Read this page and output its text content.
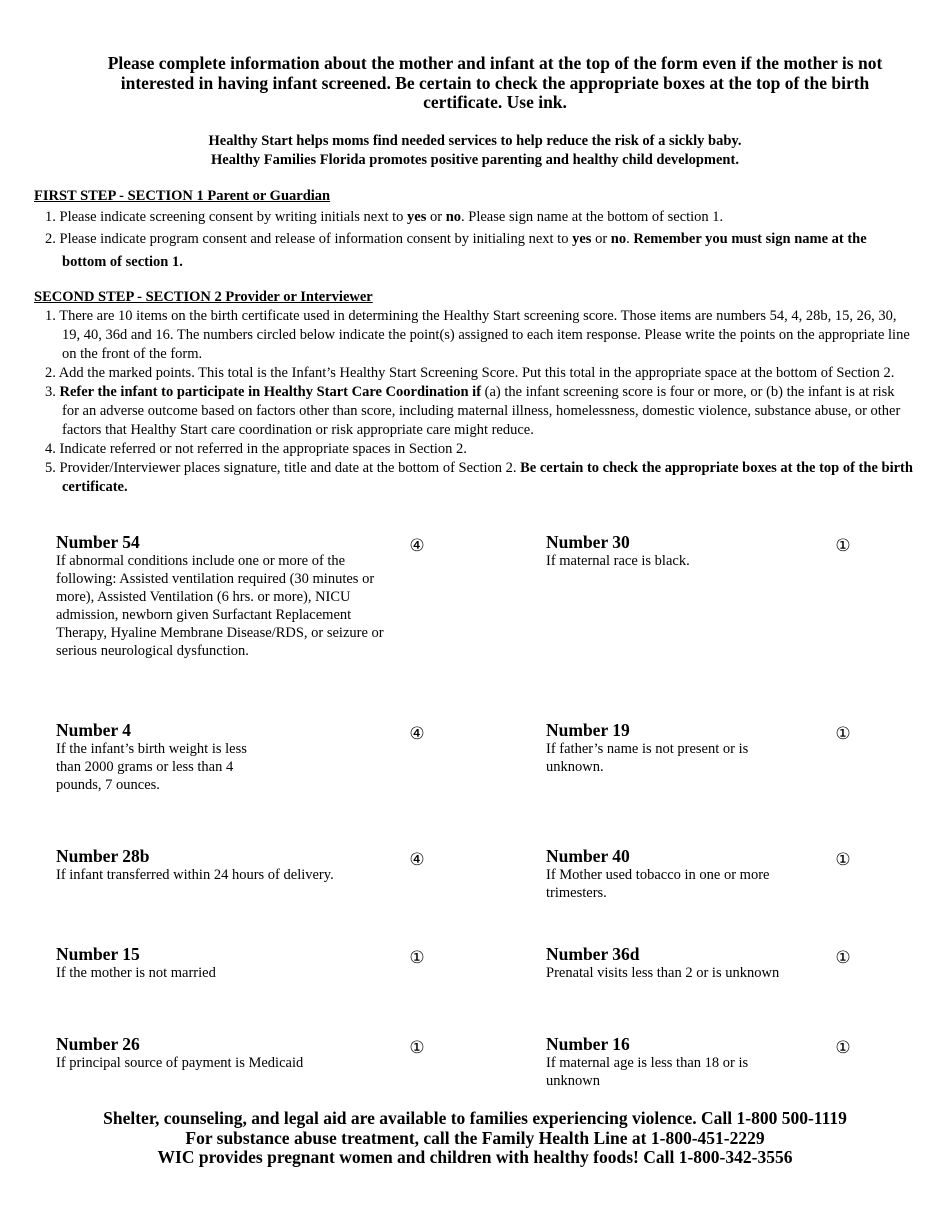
Please complete information about the mother and infant at the top of the form even if the mother is not
interested in having infant screened. Be certain to check the appropriate boxes at the top of the birth
certificate. Use ink.
Healthy Start helps moms find needed services to help reduce the risk of a sickly baby.
Healthy Families Florida promotes positive parenting and healthy child development.
FIRST STEP - SECTION 1 Parent or Guardian
1. Please indicate screening consent by writing initials next to yes or no. Please sign name at the bottom of section 1.
2. Please indicate program consent and release of information consent by initialing next to yes or no. Remember you must sign name at the bottom of section 1.
SECOND STEP - SECTION 2 Provider or Interviewer
1. There are 10 items on the birth certificate used in determining the Healthy Start screening score. Those items are numbers 54, 4, 28b, 15, 26, 30, 19, 40, 36d and 16. The numbers circled below indicate the point(s) assigned to each item response. Please write the points on the appropriate line on the front of the form.
2. Add the marked points. This total is the Infant’s Healthy Start Screening Score. Put this total in the appropriate space at the bottom of Section 2.
3. Refer the infant to participate in Healthy Start Care Coordination if (a) the infant screening score is four or more, or (b) the infant is at risk for an adverse outcome based on factors other than score, including maternal illness, homelessness, domestic violence, substance abuse, or other factors that Healthy Start care coordination or risk appropriate care might reduce.
4. Indicate referred or not referred in the appropriate spaces in Section 2.
5. Provider/Interviewer places signature, title and date at the bottom of Section 2. Be certain to check the appropriate boxes at the top of the birth certificate.
Number 54
If abnormal conditions include one or more of the following: Assisted ventilation required (30 minutes or more), Assisted Ventilation (6 hrs. or more), NICU admission, newborn given Surfactant Replacement Therapy, Hyaline Membrane Disease/RDS, or seizure or serious neurological dysfunction.
④
Number 4
If the infant’s birth weight is less than 2000 grams or less than 4 pounds, 7 ounces.
④
Number 28b
If infant transferred within 24 hours of delivery.
④
Number 15
If the mother is not married
①
Number 26
If principal source of payment is Medicaid
①
Number 30
If maternal race is black.
①
Number 19
If father’s name is not present or is unknown.
①
Number 40
If Mother used tobacco in one or more trimesters.
①
Number 36d
Prenatal visits less than 2 or is unknown
①
Number 16
If maternal age is less than 18 or is unknown
①
Shelter, counseling, and legal aid are available to families experiencing violence. Call 1-800 500-1119
For substance abuse treatment, call the Family Health Line at 1-800-451-2229
WIC provides pregnant women and children with healthy foods! Call 1-800-342-3556
